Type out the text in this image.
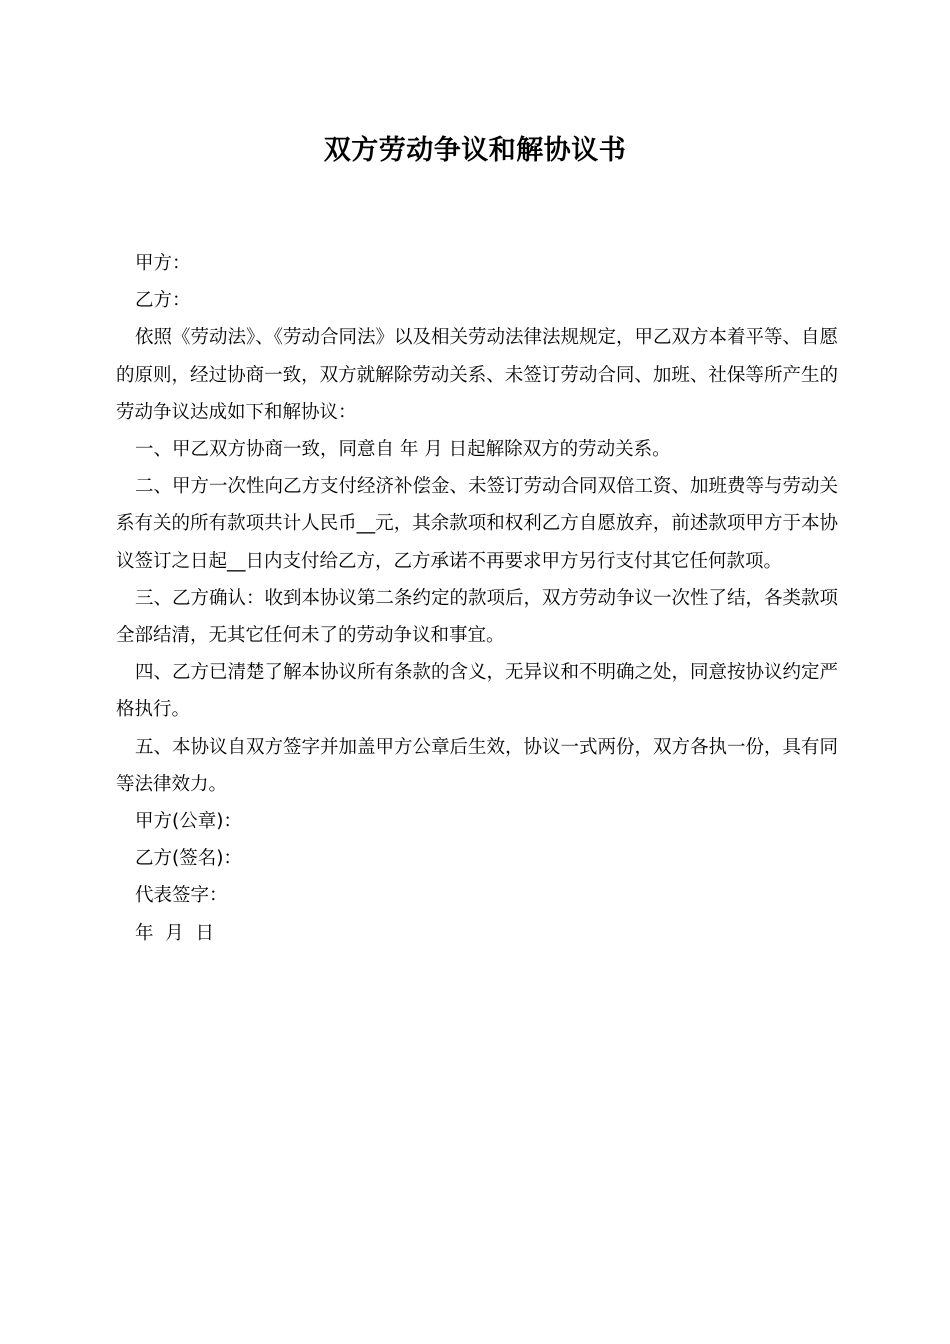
双方劳动争议和解协议书

甲方：

乙方：

依照《劳动法》、《劳动合同法》以及相关劳动法律法规规定，甲乙双方本着平等、自愿的原则，经过协商一致，双方就解除劳动关系、未签订劳动合同、加班、社保等所产生的劳动争议达成如下和解协议：

一、甲乙双方协商一致，同意自 年 月 日起解除双方的劳动关系。

二、甲方一次性向乙方支付经济补偿金、未签订劳动合同双倍工资、加班费等与劳动关系有关的所有款项共计人民币__元，其余款项和权利乙方自愿放弃，前述款项甲方于本协议签订之日起__日内支付给乙方，乙方承诺不再要求甲方另行支付其它任何款项。

三、乙方确认：收到本协议第二条约定的款项后，双方劳动争议一次性了结，各类款项全部结清，无其它任何未了的劳动争议和事宜。

四、乙方已清楚了解本协议所有条款的含义，无异议和不明确之处，同意按协议约定严格执行。

五、本协议自双方签字并加盖甲方公章后生效，协议一式两份，双方各执一份，具有同等法律效力。

甲方(公章)：

乙方(签名)：

代表签字：

年  月  日
